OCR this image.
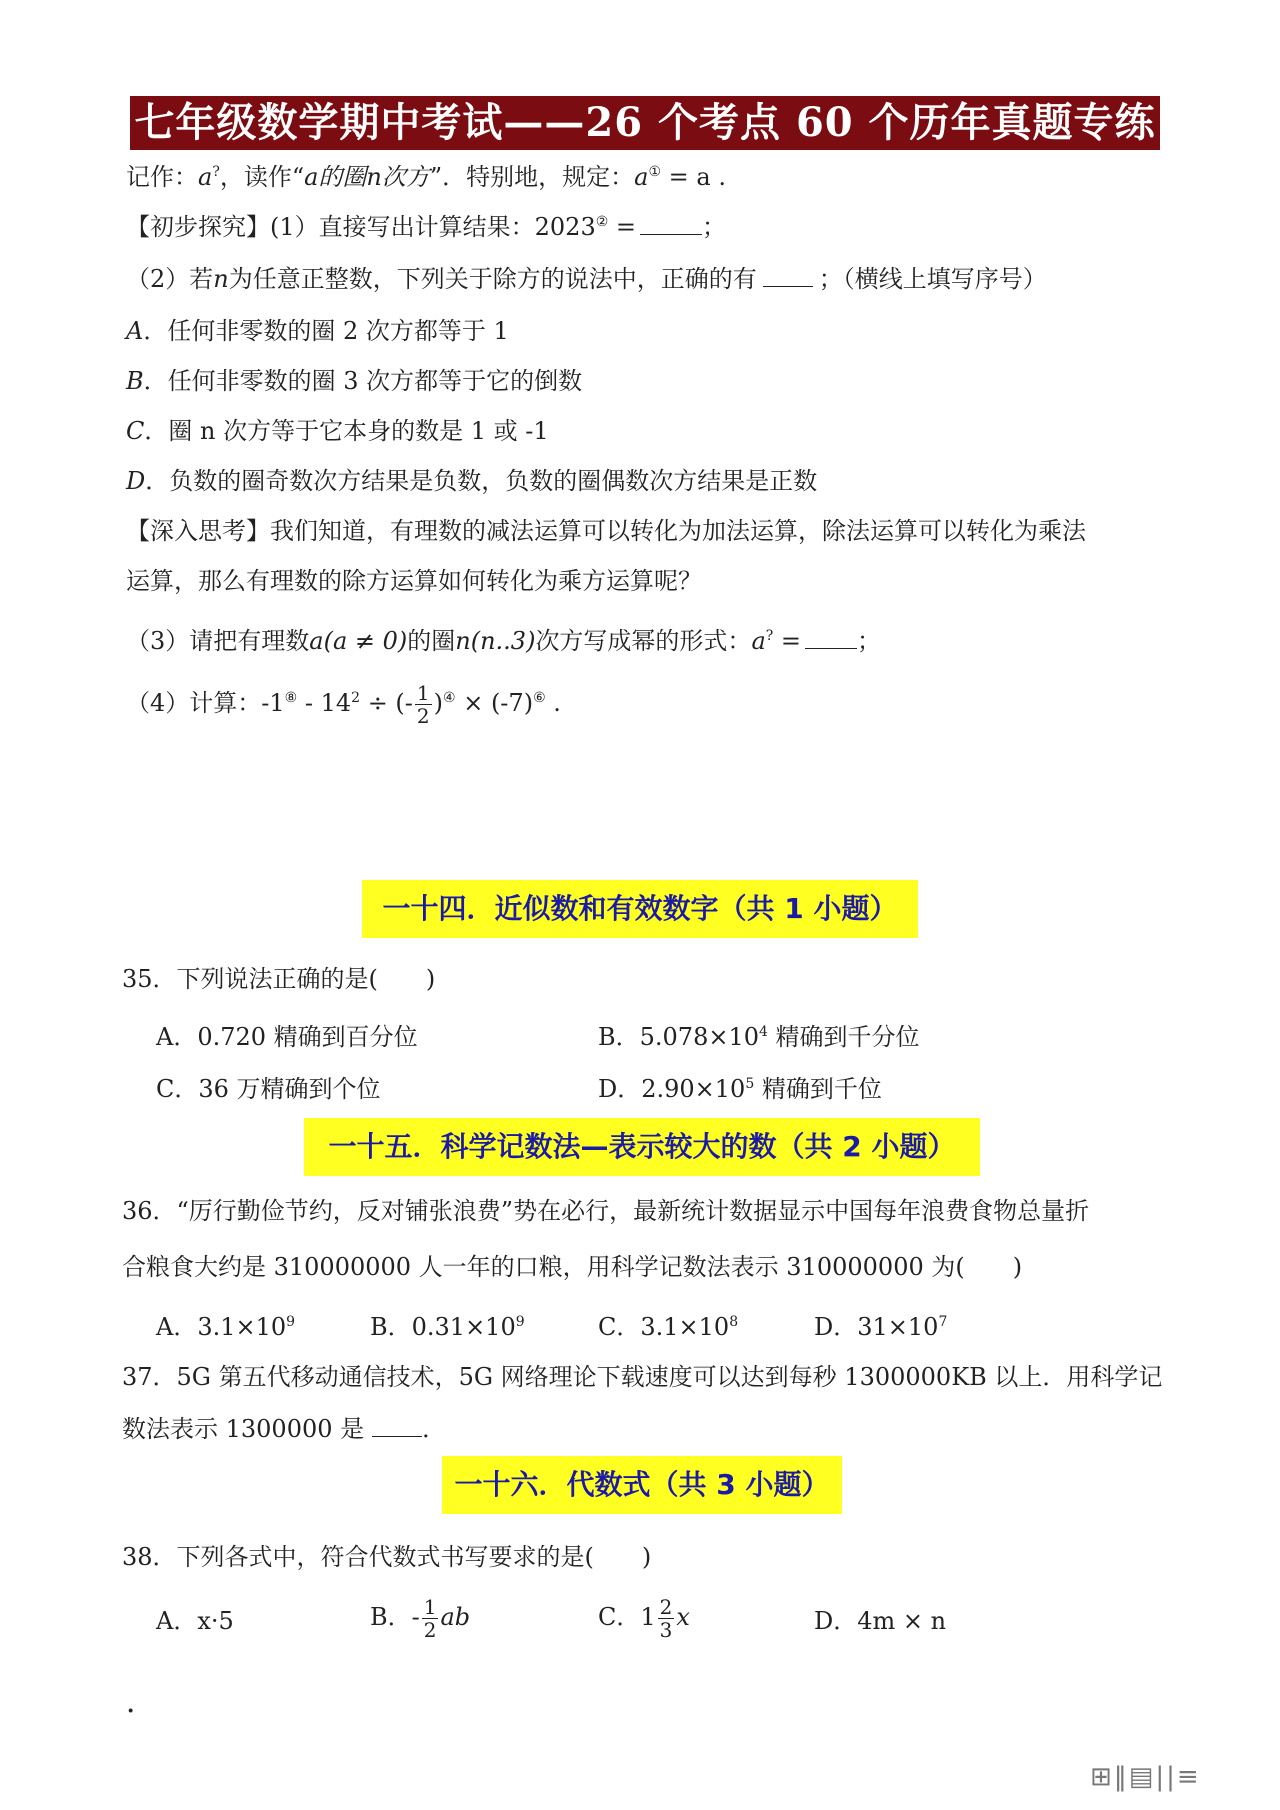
七年级数学期中考试——26 个考点 60 个历年真题专练
记作：a?，读作“a的圈n次方”．特别地，规定：a① = a .
【初步探究】(1）直接写出计算结果：2023② =	；
（2）若n为任意正整数，下列关于除方的说法中，正确的有	；（横线上填写序号）
A．任何非零数的圈 2 次方都等于 1
B．任何非零数的圈 3 次方都等于它的倒数
C．圈 n 次方等于它本身的数是 1 或 -1
D．负数的圈奇数次方结果是负数，负数的圈偶数次方结果是正数
【深入思考】我们知道，有理数的减法运算可以转化为加法运算，除法运算可以转化为乘法
运算，那么有理数的除方运算如何转化为乘方运算呢？
（3）请把有理数a(a ≠ 0)的圈n(n..3)次方写成幂的形式：a? = ；
（4）计算：$-1^⑧ - 14^2$ ÷ (- $\frac{1}{2} )^④ \times (-7)^⑥$ .
一十四．近似数和有效数字（共 1 小题）
35．下列说法正确的是(　　)
A．0.720 精确到百分位	B．$5.078\times 10^4$ 精确到千分位
C．36 万精确到个位	D．$2.90\times 10^5$ 精确到千位
一十五．科学记数法—表示较大的数（共 2 小题）
36．“厉行勤俭节约，反对铺张浪费”势在必行，最新统计数据显示中国每年浪费食物总量折
合粮食大约是 310000000 人一年的口粮，用科学记数法表示 310000000 为(　　)
A．$3.1\times 10^9$	B．$0.31\times 10^9$	C．$3.1\times 10^8$	D．$31\times 10^7$
37．5G 第五代移动通信技术，5G 网络理论下载速度可以达到每秒 1300000KB 以上．用科学记
数法表示 1300000 是 ．
一十六．代数式（共 3 小题）
38．下列各式中，符合代数式书写要求的是(　　)
A．x·5	B．- $\frac{1}{2}$ ab	C．$1 \frac{2}{3}$ x	D．4m × n
．
⊞‖▤||≡
